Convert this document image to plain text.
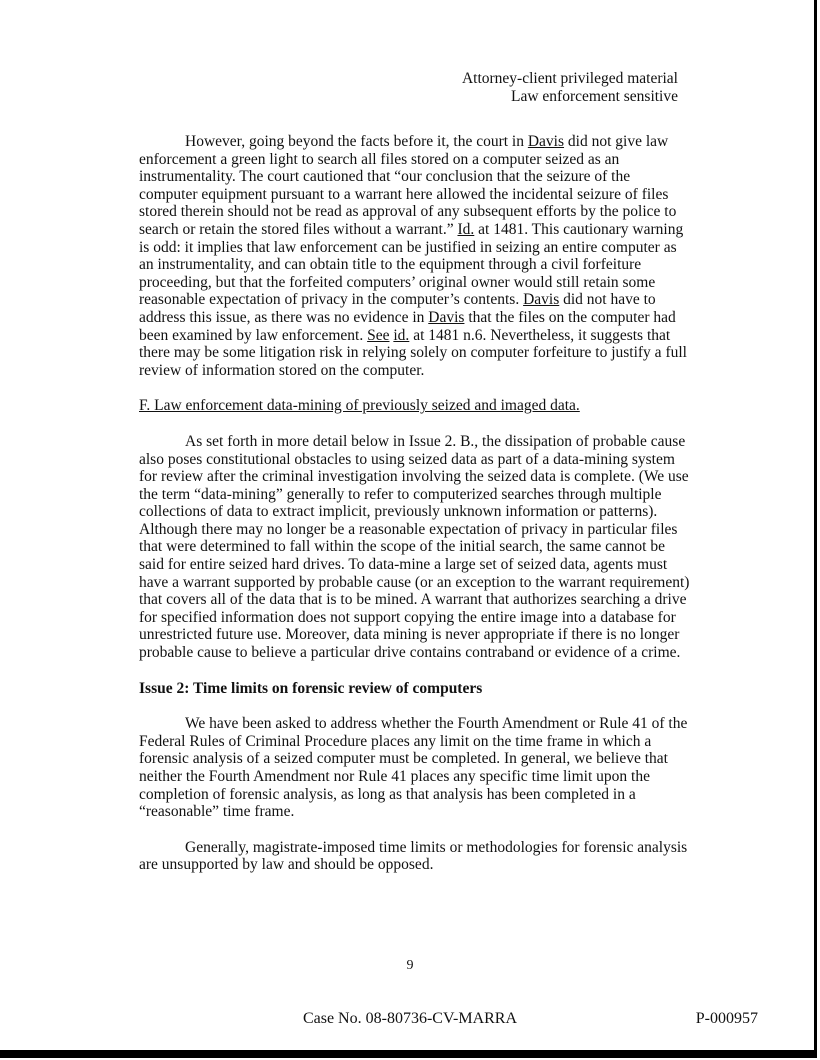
Attorney-client privileged material
Law enforcement sensitive

However, going beyond the facts before it, the court in Davis did not give law enforcement a green light to search all files stored on a computer seized as an instrumentality. The court cautioned that “our conclusion that the seizure of the computer equipment pursuant to a warrant here allowed the incidental seizure of files stored therein should not be read as approval of any subsequent efforts by the police to search or retain the stored files without a warrant.” Id. at 1481. This cautionary warning is odd: it implies that law enforcement can be justified in seizing an entire computer as an instrumentality, and can obtain title to the equipment through a civil forfeiture proceeding, but that the forfeited computers’ original owner would still retain some reasonable expectation of privacy in the computer’s contents. Davis did not have to address this issue, as there was no evidence in Davis that the files on the computer had been examined by law enforcement. See id. at 1481 n.6. Nevertheless, it suggests that there may be some litigation risk in relying solely on computer forfeiture to justify a full review of information stored on the computer.

F. Law enforcement data-mining of previously seized and imaged data.

As set forth in more detail below in Issue 2. B., the dissipation of probable cause also poses constitutional obstacles to using seized data as part of a data-mining system for review after the criminal investigation involving the seized data is complete. (We use the term “data-mining” generally to refer to computerized searches through multiple collections of data to extract implicit, previously unknown information or patterns). Although there may no longer be a reasonable expectation of privacy in particular files that were determined to fall within the scope of the initial search, the same cannot be said for entire seized hard drives. To data-mine a large set of seized data, agents must have a warrant supported by probable cause (or an exception to the warrant requirement) that covers all of the data that is to be mined. A warrant that authorizes searching a drive for specified information does not support copying the entire image into a database for unrestricted future use. Moreover, data mining is never appropriate if there is no longer probable cause to believe a particular drive contains contraband or evidence of a crime.

Issue 2: Time limits on forensic review of computers

We have been asked to address whether the Fourth Amendment or Rule 41 of the Federal Rules of Criminal Procedure places any limit on the time frame in which a forensic analysis of a seized computer must be completed. In general, we believe that neither the Fourth Amendment nor Rule 41 places any specific time limit upon the completion of forensic analysis, as long as that analysis has been completed in a “reasonable” time frame.

Generally, magistrate-imposed time limits or methodologies for forensic analysis are unsupported by law and should be opposed.

9
Case No. 08-80736-CV-MARRA	P-000957
